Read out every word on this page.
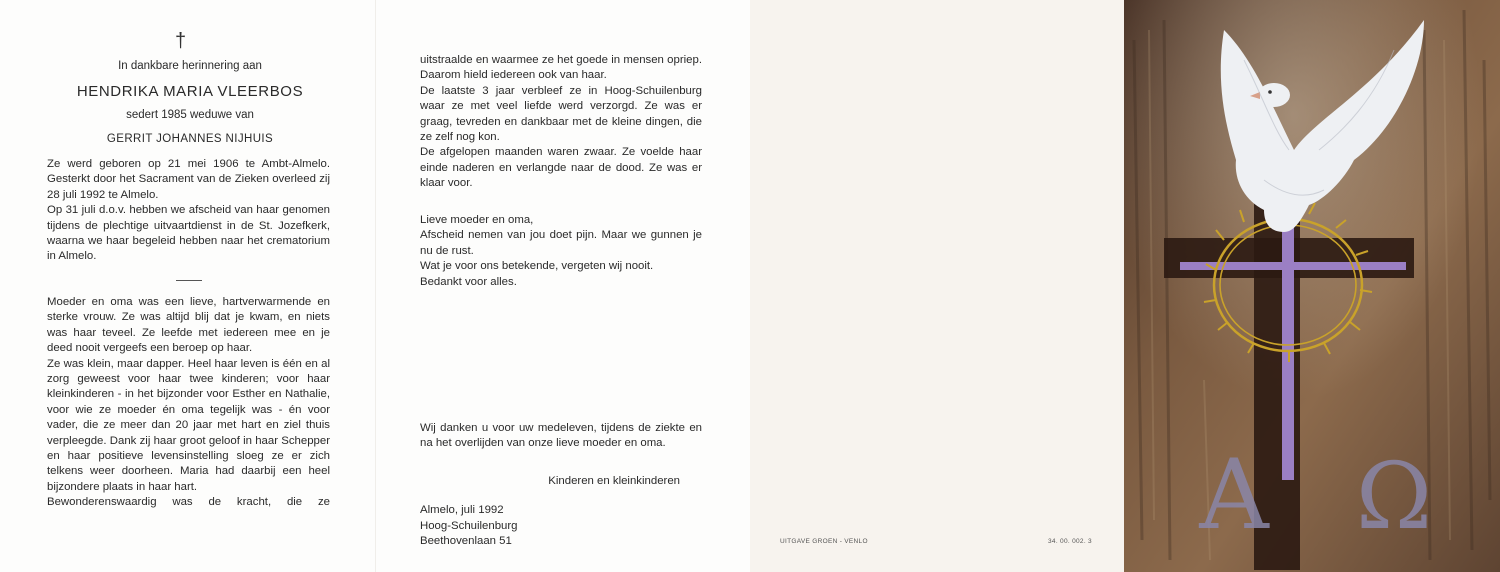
†
In dankbare herinnering aan
HENDRIKA MARIA VLEERBOS
sedert 1985 weduwe van
GERRIT JOHANNES NIJHUIS

Ze werd geboren op 21 mei 1906 te Ambt-Almelo. Gesterkt door het Sacrament van de Zieken overleed zij 28 juli 1992 te Almelo.

Op 31 juli d.o.v. hebben we afscheid van haar genomen tijdens de plechtige uitvaartdienst in de St. Jozefkerk, waarna we haar begeleid hebben naar het crematorium in Almelo.

Moeder en oma was een lieve, hartverwarmende en sterke vrouw. Ze was altijd blij dat je kwam, en niets was haar teveel. Ze leefde met iedereen mee en je deed nooit vergeefs een beroep op haar.

Ze was klein, maar dapper. Heel haar leven is één en al zorg geweest voor haar twee kinderen; voor haar kleinkinderen - in het bijzonder voor Esther en Nathalie, voor wie ze moeder én oma tegelijk was - én voor vader, die ze meer dan 20 jaar met hart en ziel thuis verpleegde. Dank zij haar groot geloof in haar Schepper en haar positieve levensinstelling sloeg ze er zich telkens weer doorheen. Maria had daarbij een heel bijzondere plaats in haar hart.

Bewonderenswaardig was de kracht, die ze

uitstraalde en waarmee ze het goede in mensen opriep. Daarom hield iedereen ook van haar.

De laatste 3 jaar verbleef ze in Hoog-Schuilenburg waar ze met veel liefde werd verzorgd. Ze was er graag, tevreden en dankbaar met de kleine dingen, die ze zelf nog kon.

De afgelopen maanden waren zwaar. Ze voelde haar einde naderen en verlangde naar de dood. Ze was er klaar voor.

Lieve moeder en oma,

Afscheid nemen van jou doet pijn. Maar we gunnen je nu de rust.

Wat je voor ons betekende, vergeten wij nooit.

Bedankt voor alles.

Wij danken u voor uw medeleven, tijdens de ziekte en na het overlijden van onze lieve moeder en oma.

Kinderen en kleinkinderen
Almelo, juli 1992
Hoog-Schuilenburg
Beethovenlaan 51	UITGAVE GROEN - VENLO	34. 00. 002. 3 A Ω
